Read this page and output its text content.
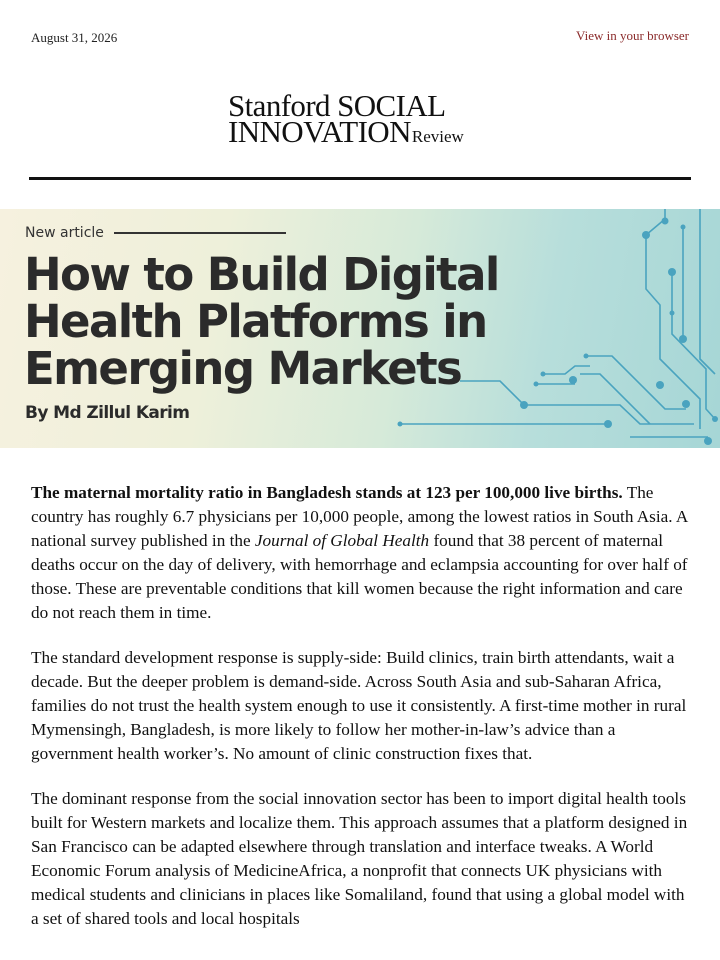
August 31, 2026	View in your browser
Stanford SOCIAL
INNOVATIONReview
New article
How to Build Digital Health Platforms in Emerging Markets
By Md Zillul Karim

The maternal mortality ratio in Bangladesh stands at 123 per 100,000 live births. The country has roughly 6.7 physicians per 10,000 people, among the lowest ratios in South Asia. A national survey published in the Journal of Global Health found that 38 percent of maternal deaths occur on the day of delivery, with hemorrhage and eclampsia accounting for over half of those. These are preventable conditions that kill women because the right information and care do not reach them in time.

The standard development response is supply-side: Build clinics, train birth attendants, wait a decade. But the deeper problem is demand-side. Across South Asia and sub-Saharan Africa, families do not trust the health system enough to use it consistently. A first-time mother in rural Mymensingh, Bangladesh, is more likely to follow her mother-in-law’s advice than a government health worker’s. No amount of clinic construction fixes that.

The dominant response from the social innovation sector has been to import digital health tools built for Western markets and localize them. This approach assumes that a platform designed in San Francisco can be adapted elsewhere through translation and interface tweaks. A World Economic Forum analysis of MedicineAfrica, a nonprofit that connects UK physicians with medical students and clinicians in places like Somaliland, found that using a global model with a set of shared tools and local hospitals
